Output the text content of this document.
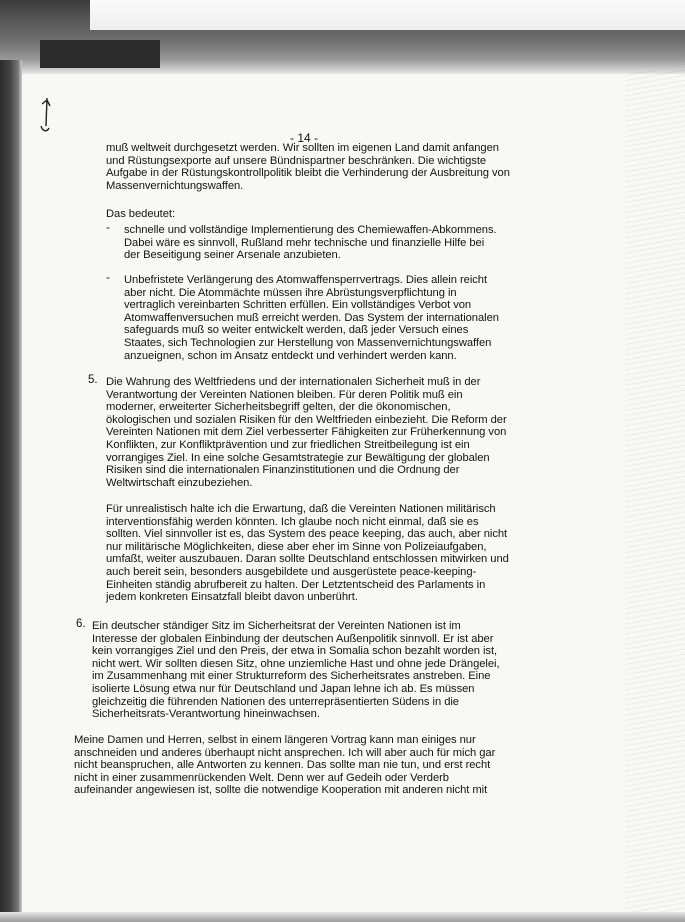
- 14 -
muß weltweit durchgesetzt werden. Wir sollten im eigenen Land damit anfangen
und Rüstungsexporte auf unsere Bündnispartner beschränken. Die wichtigste
Aufgabe in der Rüstungskontrollpolitik bleibt die Verhinderung der Ausbreitung von
Massenvernichtungswaffen.
Das bedeutet:
- schnelle und vollständige Implementierung des Chemiewaffen-Abkommens.
Dabei wäre es sinnvoll, Rußland mehr technische und finanzielle Hilfe bei
der Beseitigung seiner Arsenale anzubieten.
- Unbefristete Verlängerung des Atomwaffensperrvertrags. Dies allein reicht
aber nicht. Die Atommächte müssen ihre Abrüstungsverpflichtung in
vertraglich vereinbarten Schritten erfüllen. Ein vollständiges Verbot von
Atomwaffenversuchen muß erreicht werden. Das System der internationalen
safeguards muß so weiter entwickelt werden, daß jeder Versuch eines
Staates, sich Technologien zur Herstellung von Massenvernichtungswaffen
anzueignen, schon im Ansatz entdeckt und verhindert werden kann.
5. Die Wahrung des Weltfriedens und der internationalen Sicherheit muß in der
Verantwortung der Vereinten Nationen bleiben. Für deren Politik muß ein
moderner, erweiterter Sicherheitsbegriff gelten, der die ökonomischen,
ökologischen und sozialen Risiken für den Weltfrieden einbezieht. Die Reform der
Vereinten Nationen mit dem Ziel verbesserter Fähigkeiten zur Früherkennung von
Konflikten, zur Konfliktprävention und zur friedlichen Streitbeilegung ist ein
vorrangiges Ziel. In eine solche Gesamtstrategie zur Bewältigung der globalen
Risiken sind die internationalen Finanzinstitutionen und die Ordnung der
Weltwirtschaft einzubeziehen.
Für unrealistisch halte ich die Erwartung, daß die Vereinten Nationen militärisch
interventionsfähig werden könnten. Ich glaube noch nicht einmal, daß sie es
sollten. Viel sinnvoller ist es, das System des peace keeping, das auch, aber nicht
nur militärische Möglichkeiten, diese aber eher im Sinne von Polizeiaufgaben,
umfaßt, weiter auszubauen. Daran sollte Deutschland entschlossen mitwirken und
auch bereit sein, besonders ausgebildete und ausgerüstete peace-keeping-
Einheiten ständig abrufbereit zu halten. Der Letztentscheid des Parlaments in
jedem konkreten Einsatzfall bleibt davon unberührt.
6. Ein deutscher ständiger Sitz im Sicherheitsrat der Vereinten Nationen ist im
Interesse der globalen Einbindung der deutschen Außenpolitik sinnvoll. Er ist aber
kein vorrangiges Ziel und den Preis, der etwa in Somalia schon bezahlt worden ist,
nicht wert. Wir sollten diesen Sitz, ohne unziemliche Hast und ohne jede Drängelei,
im Zusammenhang mit einer Strukturreform des Sicherheitsrates anstreben. Eine
isolierte Lösung etwa nur für Deutschland und Japan lehne ich ab. Es müssen
gleichzeitig die führenden Nationen des unterrepräsentierten Südens in die
Sicherheitsrats-Verantwortung hineinwachsen.
Meine Damen und Herren, selbst in einem längeren Vortrag kann man einiges nur
anschneiden und anderes überhaupt nicht ansprechen. Ich will aber auch für mich gar
nicht beanspruchen, alle Antworten zu kennen. Das sollte man nie tun, und erst recht
nicht in einer zusammenrückenden Welt. Denn wer auf Gedeih oder Verderb
aufeinander angewiesen ist, sollte die notwendige Kooperation mit anderen nicht mit
